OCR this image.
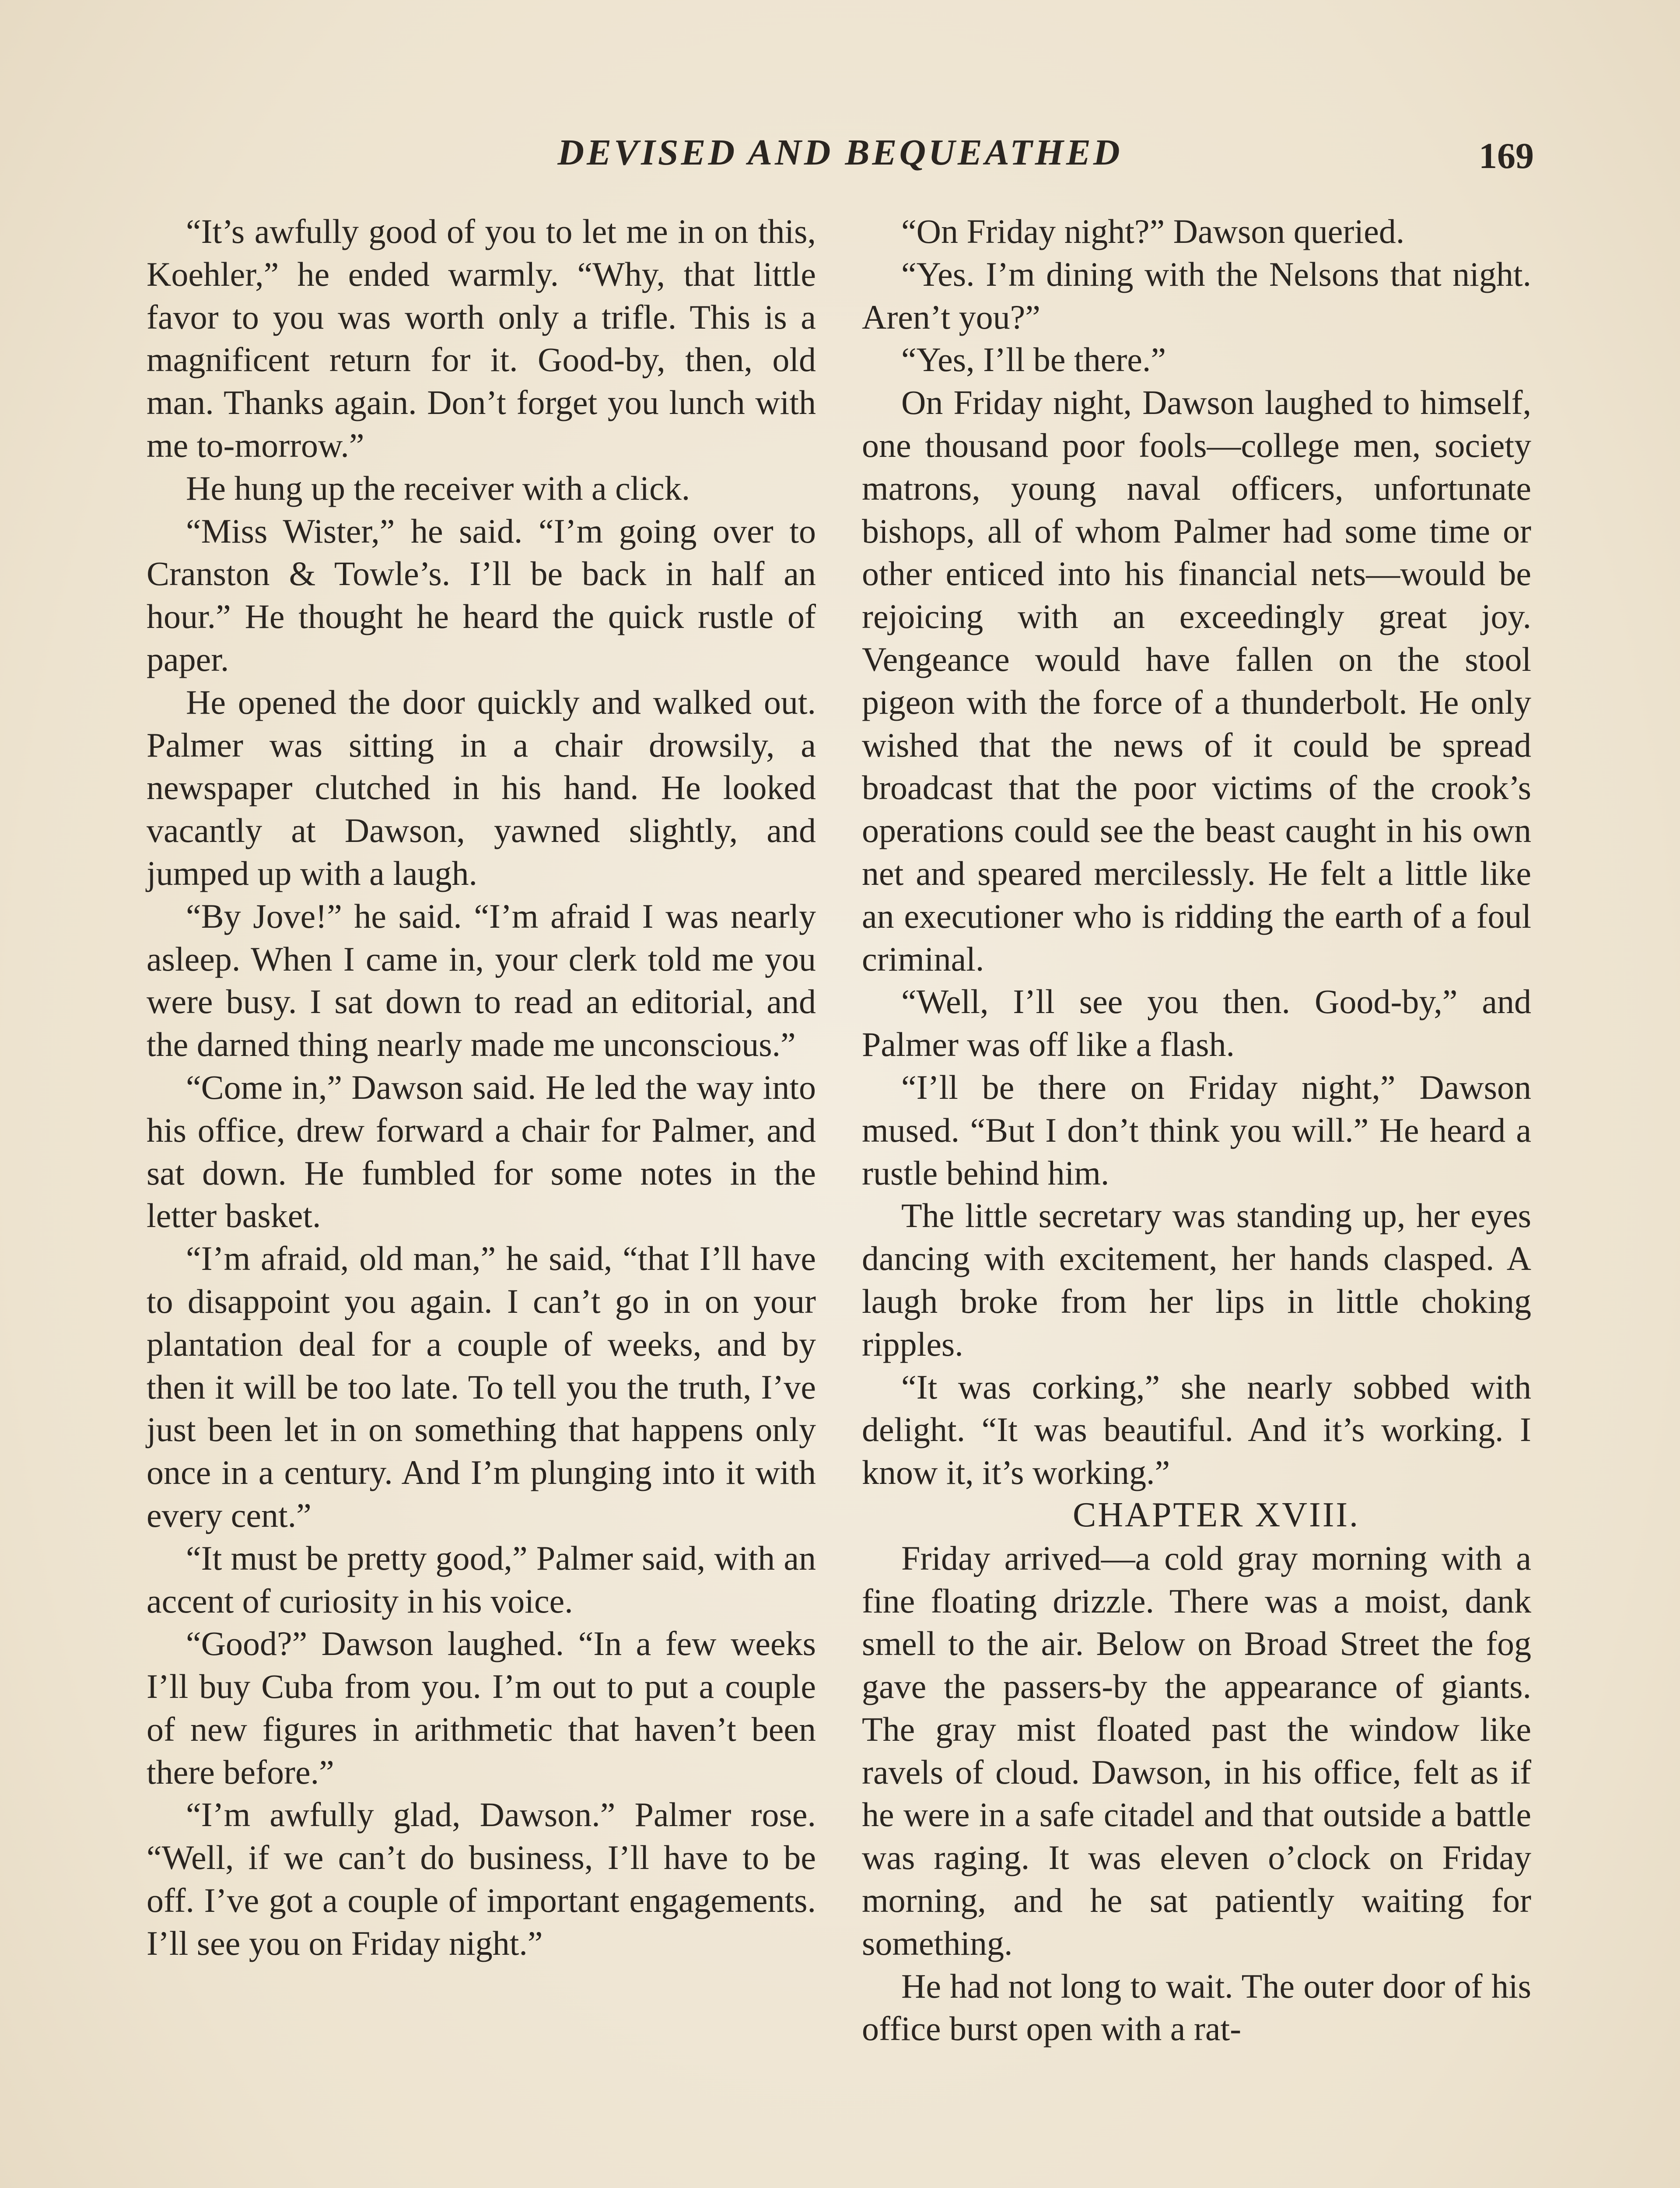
DEVISED AND BEQUEATHED	169

“It’s awfully good of you to let me in on this, Koehler,” he ended warmly. “Why, that little favor to you was worth only a trifle. This is a magnificent return for it. Good-by, then, old man. Thanks again. Don’t forget you lunch with me to-morrow.”

He hung up the receiver with a click.

“Miss Wister,” he said. “I’m going over to Cranston & Towle’s. I’ll be back in half an hour.” He thought he heard the quick rustle of paper.

He opened the door quickly and walked out. Palmer was sitting in a chair drowsily, a newspaper clutched in his hand. He looked vacantly at Dawson, yawned slightly, and jumped up with a laugh.

“By Jove!” he said. “I’m afraid I was nearly asleep. When I came in, your clerk told me you were busy. I sat down to read an editorial, and the darned thing nearly made me unconscious.”

“Come in,” Dawson said. He led the way into his office, drew forward a chair for Palmer, and sat down. He fumbled for some notes in the letter basket.

“I’m afraid, old man,” he said, “that I’ll have to disappoint you again. I can’t go in on your plantation deal for a couple of weeks, and by then it will be too late. To tell you the truth, I’ve just been let in on something that happens only once in a century. And I’m plunging into it with every cent.”

“It must be pretty good,” Palmer said, with an accent of curiosity in his voice.

“Good?” Dawson laughed. “In a few weeks I’ll buy Cuba from you. I’m out to put a couple of new figures in arithmetic that haven’t been there before.”

“I’m awfully glad, Dawson.” Palmer rose. “Well, if we can’t do business, I’ll have to be off. I’ve got a couple of important engagements. I’ll see you on Friday night.”

“On Friday night?” Dawson queried.

“Yes. I’m dining with the Nelsons that night. Aren’t you?”

“Yes, I’ll be there.”

On Friday night, Dawson laughed to himself, one thousand poor fools—college men, society matrons, young naval officers, unfortunate bishops, all of whom Palmer had some time or other enticed into his financial nets—would be rejoicing with an exceedingly great joy. Vengeance would have fallen on the stool pigeon with the force of a thunderbolt. He only wished that the news of it could be spread broadcast that the poor victims of the crook’s operations could see the beast caught in his own net and speared mercilessly. He felt a little like an executioner who is ridding the earth of a foul criminal.

“Well, I’ll see you then. Good-by,” and Palmer was off like a flash.

“I’ll be there on Friday night,” Dawson mused. “But I don’t think you will.” He heard a rustle behind him.

The little secretary was standing up, her eyes dancing with excitement, her hands clasped. A laugh broke from her lips in little choking ripples.

“It was corking,” she nearly sobbed with delight. “It was beautiful. And it’s working. I know it, it’s working.”

CHAPTER XVIII.

Friday arrived—a cold gray morning with a fine floating drizzle. There was a moist, dank smell to the air. Below on Broad Street the fog gave the passers-by the appearance of giants. The gray mist floated past the window like ravels of cloud. Dawson, in his office, felt as if he were in a safe citadel and that outside a battle was raging. It was eleven o’clock on Friday morning, and he sat patiently waiting for something.

He had not long to wait. The outer door of his office burst open with a rat-
